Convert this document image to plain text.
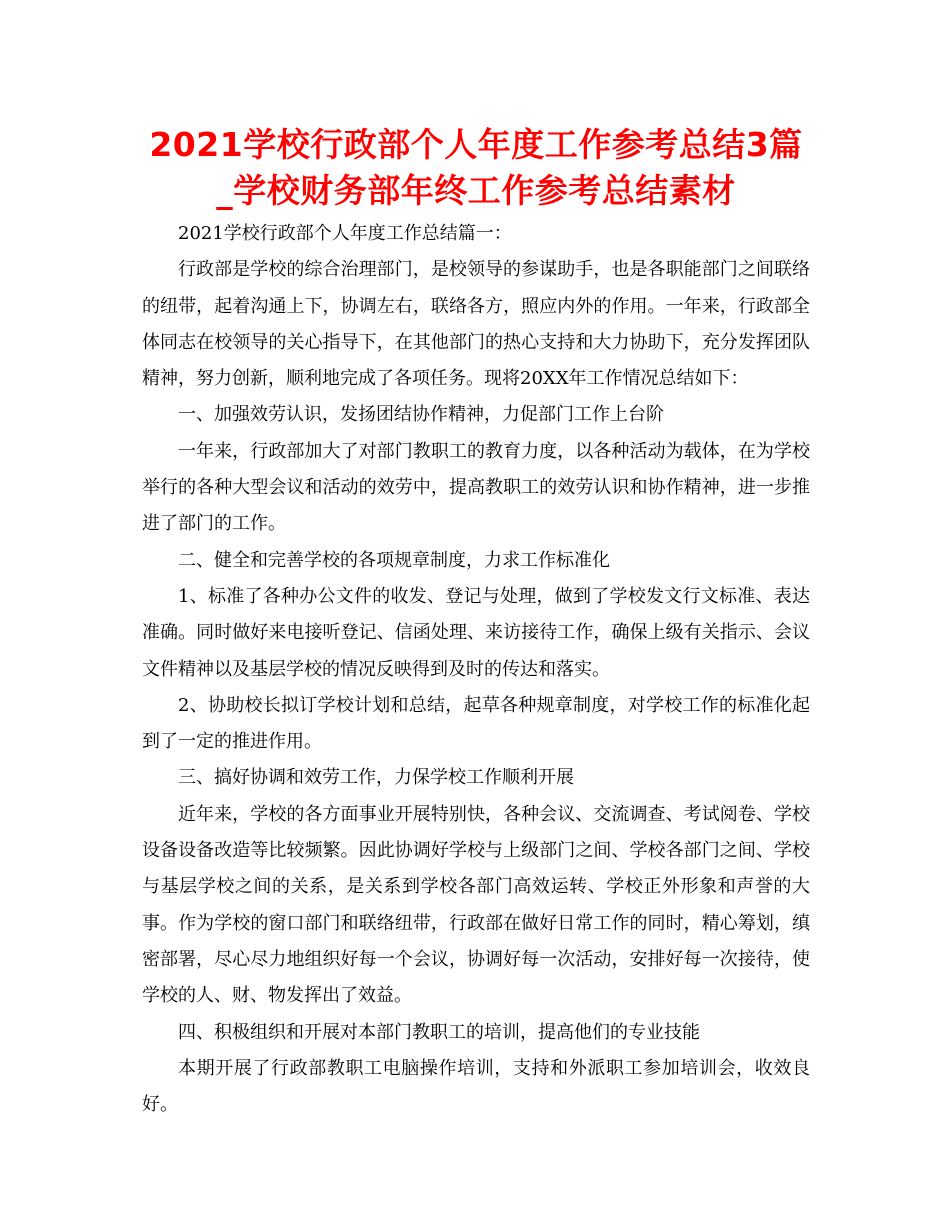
2021学校行政部个人年度工作参考总结3篇_学校财务部年终工作参考总结素材

2021学校行政部个人年度工作总结篇一：

行政部是学校的综合治理部门，是校领导的参谋助手，也是各职能部门之间联络的纽带，起着沟通上下，协调左右，联络各方，照应内外的作用。一年来，行政部全体同志在校领导的关心指导下，在其他部门的热心支持和大力协助下，充分发挥团队精神，努力创新，顺利地完成了各项任务。现将20XX年工作情况总结如下：

一、加强效劳认识，发扬团结协作精神，力促部门工作上台阶

一年来，行政部加大了对部门教职工的教育力度，以各种活动为载体，在为学校举行的各种大型会议和活动的效劳中，提高教职工的效劳认识和协作精神，进一步推进了部门的工作。

二、健全和完善学校的各项规章制度，力求工作标准化

1、标准了各种办公文件的收发、登记与处理，做到了学校发文行文标准、表达准确。同时做好来电接听登记、信函处理、来访接待工作，确保上级有关指示、会议文件精神以及基层学校的情况反映得到及时的传达和落实。

2、协助校长拟订学校计划和总结，起草各种规章制度，对学校工作的标准化起到了一定的推进作用。

三、搞好协调和效劳工作，力保学校工作顺利开展

近年来，学校的各方面事业开展特别快，各种会议、交流调查、考试阅卷、学校设备设备改造等比较频繁。因此协调好学校与上级部门之间、学校各部门之间、学校与基层学校之间的关系，是关系到学校各部门高效运转、学校正外形象和声誉的大事。作为学校的窗口部门和联络纽带，行政部在做好日常工作的同时，精心筹划，缜密部署，尽心尽力地组织好每一个会议，协调好每一次活动，安排好每一次接待，使学校的人、财、物发挥出了效益。

四、积极组织和开展对本部门教职工的培训，提高他们的专业技能

本期开展了行政部教职工电脑操作培训，支持和外派职工参加培训会，收效良好。
